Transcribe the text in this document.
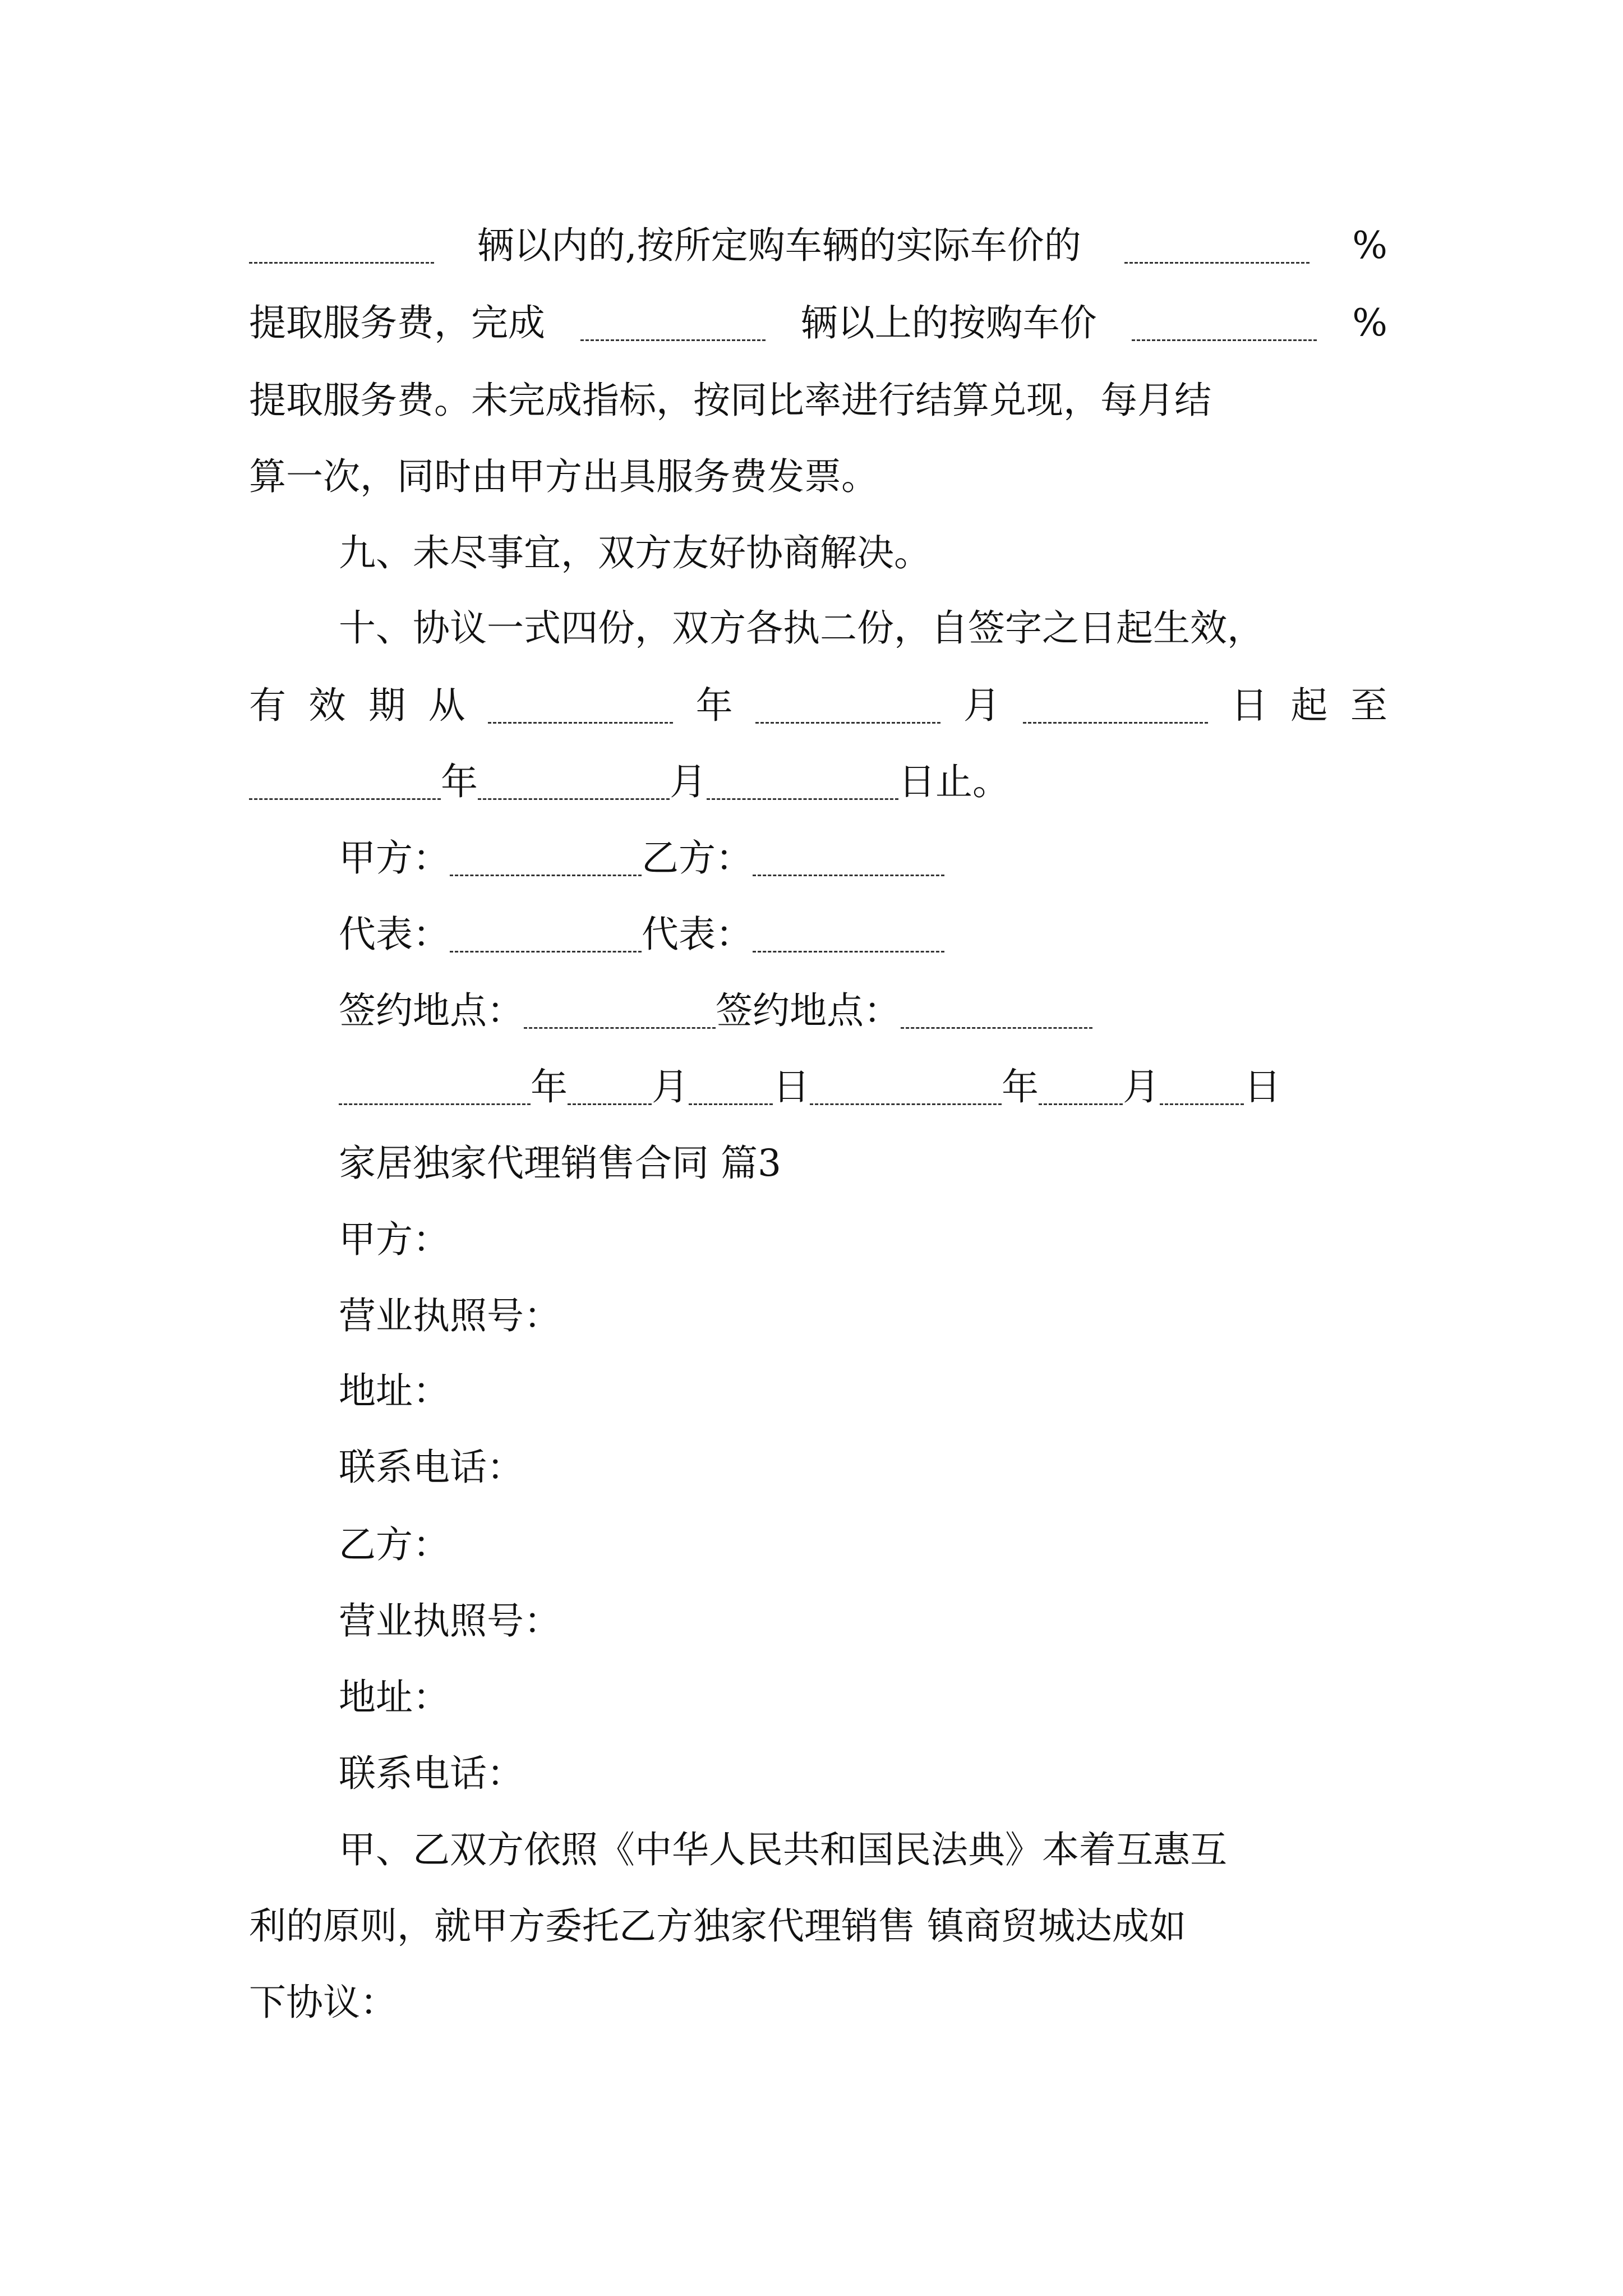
辆以内的,按所定购车辆的实际车价的	%
提取服务费，完成	辆以上的按购车价	%
提取服务费。未完成指标，按同比率进行结算兑现，每月结
算一次，同时由甲方出具服务费发票。
九、未尽事宜，双方友好协商解决。
十、协议一式四份，双方各执二份，自签字之日起生效，
有 效 期 从	年	月	日 起 至
年	月	日止。
甲方：	乙方：
代表：	代表：
签约地点：	签约地点：
年 月 日	年 月 日
家居独家代理销售合同 篇3
甲方：
营业执照号：
地址：
联系电话：
乙方：
营业执照号：
地址：
联系电话：
甲、乙双方依照《中华人民共和国民法典》本着互惠互
利的原则，就甲方委托乙方独家代理销售 镇商贸城达成如
下协议：
